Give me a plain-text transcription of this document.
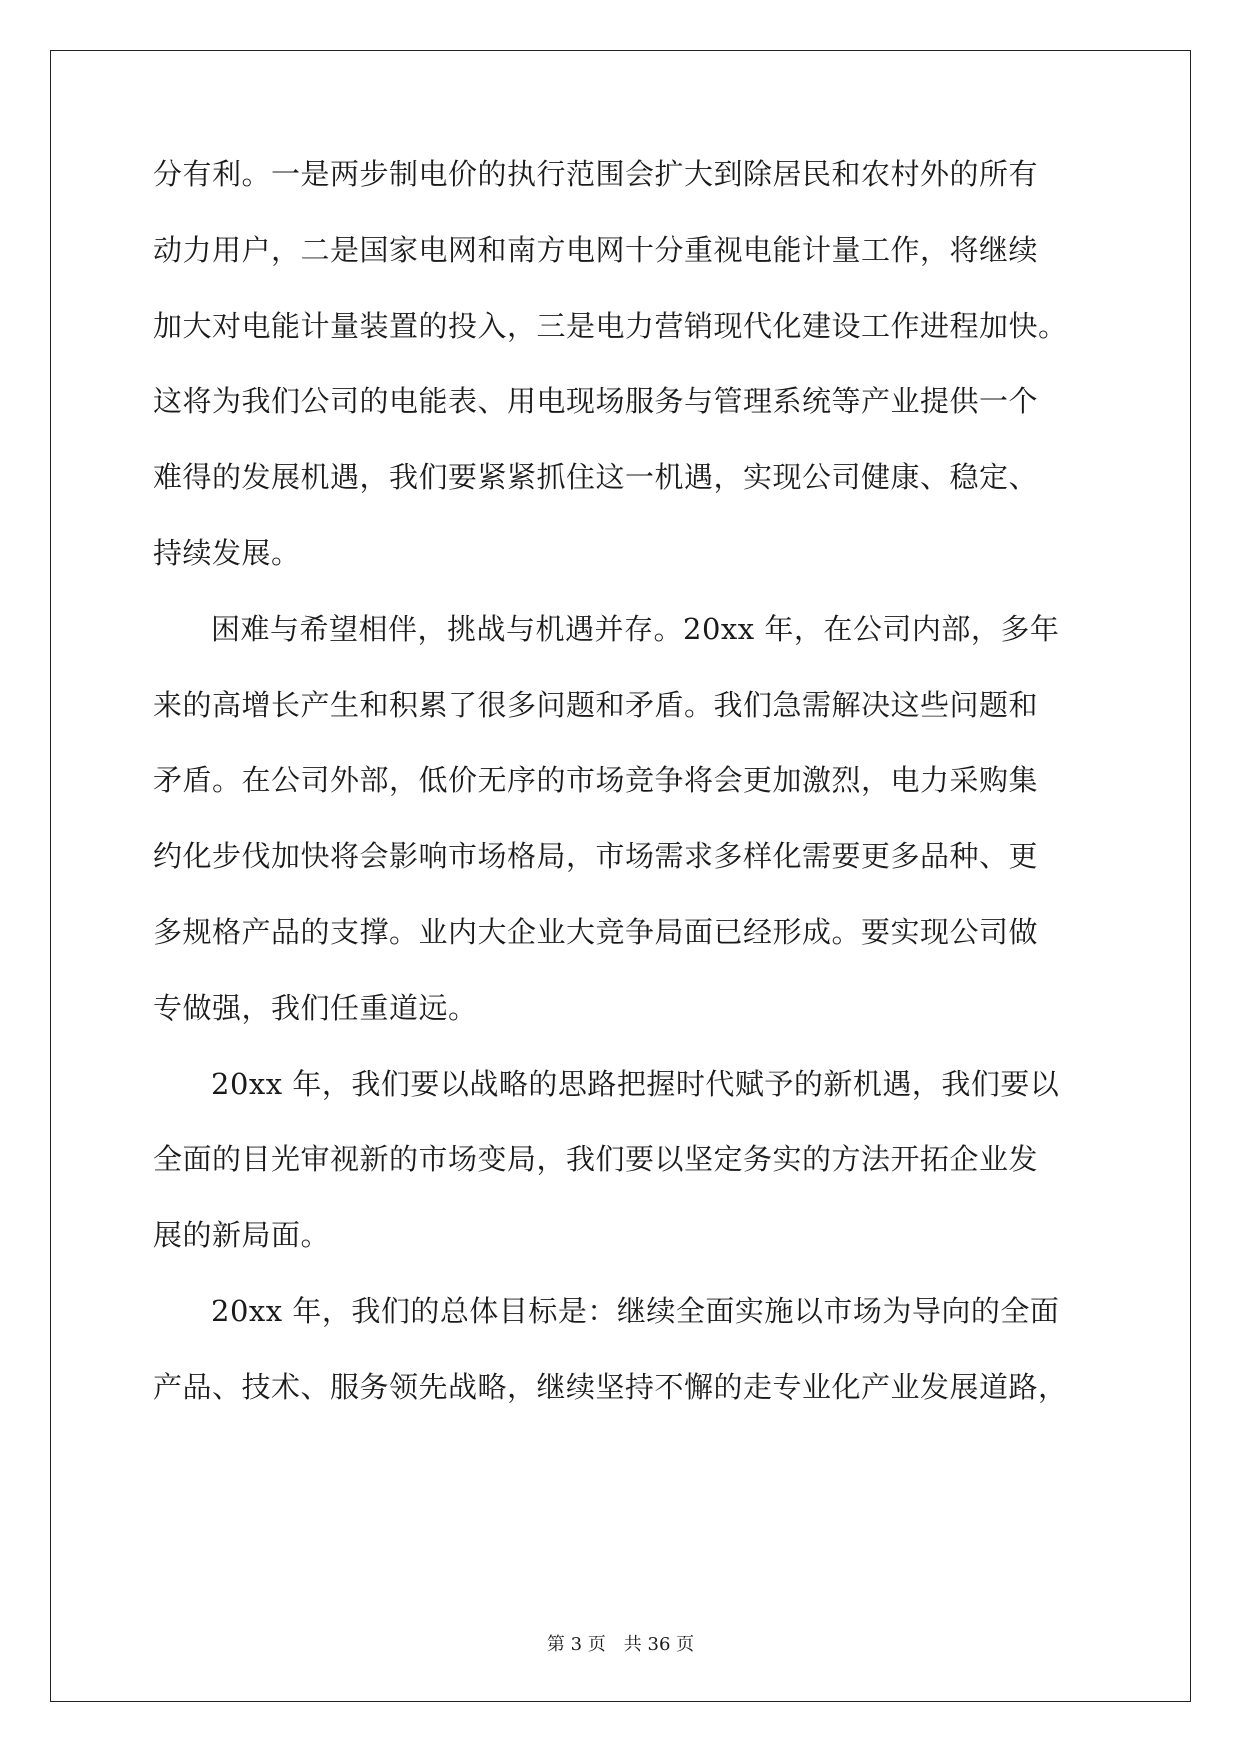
分有利。一是两步制电价的执行范围会扩大到除居民和农村外的所有
动力用户，二是国家电网和南方电网十分重视电能计量工作，将继续
加大对电能计量装置的投入，三是电力营销现代化建设工作进程加快。
这将为我们公司的电能表、用电现场服务与管理系统等产业提供一个
难得的发展机遇，我们要紧紧抓住这一机遇，实现公司健康、稳定、
持续发展。
困难与希望相伴，挑战与机遇并存。20xx 年，在公司内部，多年
来的高增长产生和积累了很多问题和矛盾。我们急需解决这些问题和
矛盾。在公司外部，低价无序的市场竞争将会更加激烈，电力采购集
约化步伐加快将会影响市场格局，市场需求多样化需要更多品种、更
多规格产品的支撑。业内大企业大竞争局面已经形成。要实现公司做
专做强，我们任重道远。
20xx 年，我们要以战略的思路把握时代赋予的新机遇，我们要以
全面的目光审视新的市场变局，我们要以坚定务实的方法开拓企业发
展的新局面。
20xx 年，我们的总体目标是：继续全面实施以市场为导向的全面
产品、技术、服务领先战略，继续坚持不懈的走专业化产业发展道路，
第 3 页 共 36 页
